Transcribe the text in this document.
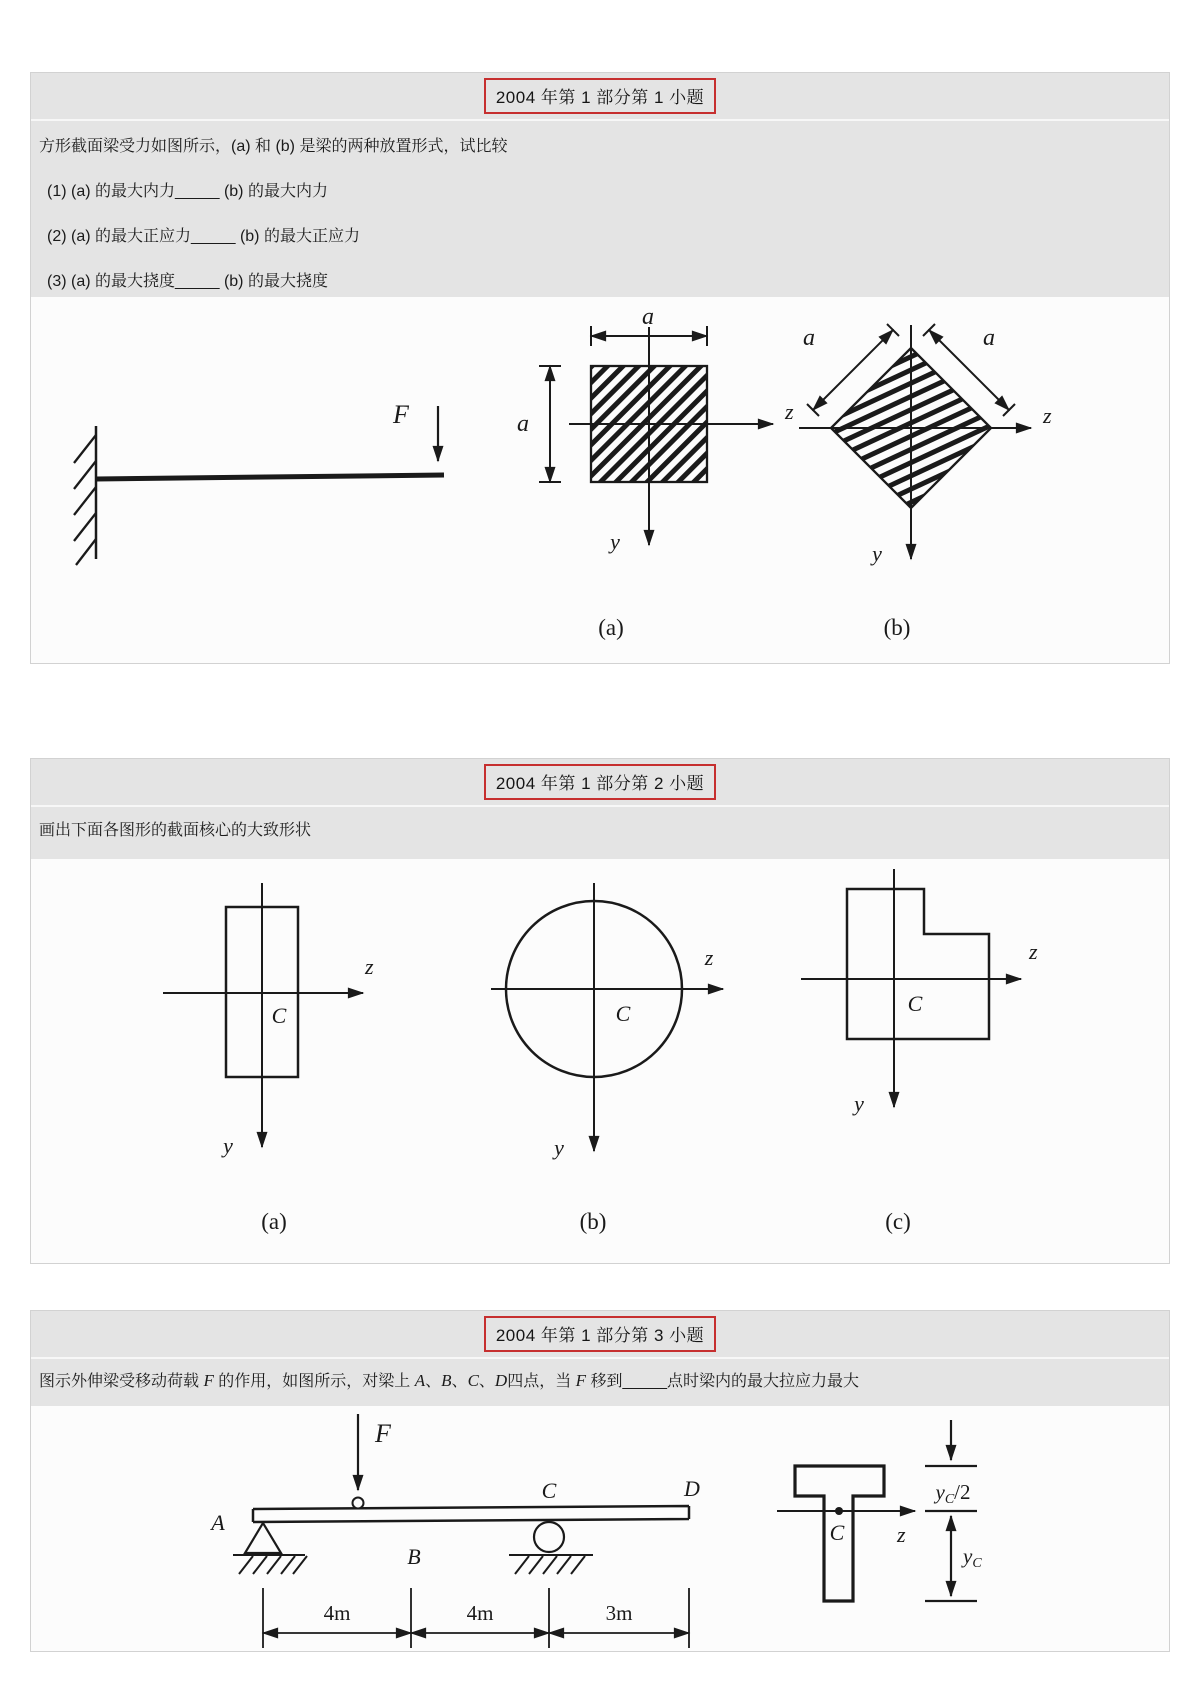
2004 年第 1 部分第 1 小题

方形截面梁受力如图所示，(a) 和 (b) 是梁的两种放置形式，试比较

(1) (a) 的最大内力_____ (b) 的最大内力

(2) (a) 的最大正应力_____ (b) 的最大正应力

(3) (a) 的最大挠度_____ (b) 的最大挠度

F
a
a	z
y
(a)
a	a
z
y
(b)
2004 年第 1 部分第 2 小题

画出下面各图形的截面核心的大致形状

z
y
C
(a)
z
y
C
(b)
z
y
C
(c)
2004 年第 1 部分第 3 小题

图示外伸梁受移动荷载 F 的作用，如图所示，对梁上 A、B、C、D四点，当 F 移到_____点时梁内的最大拉应力最大

F
A
B
C	D
4m	4m	3m
z
C
yC/2
yC
